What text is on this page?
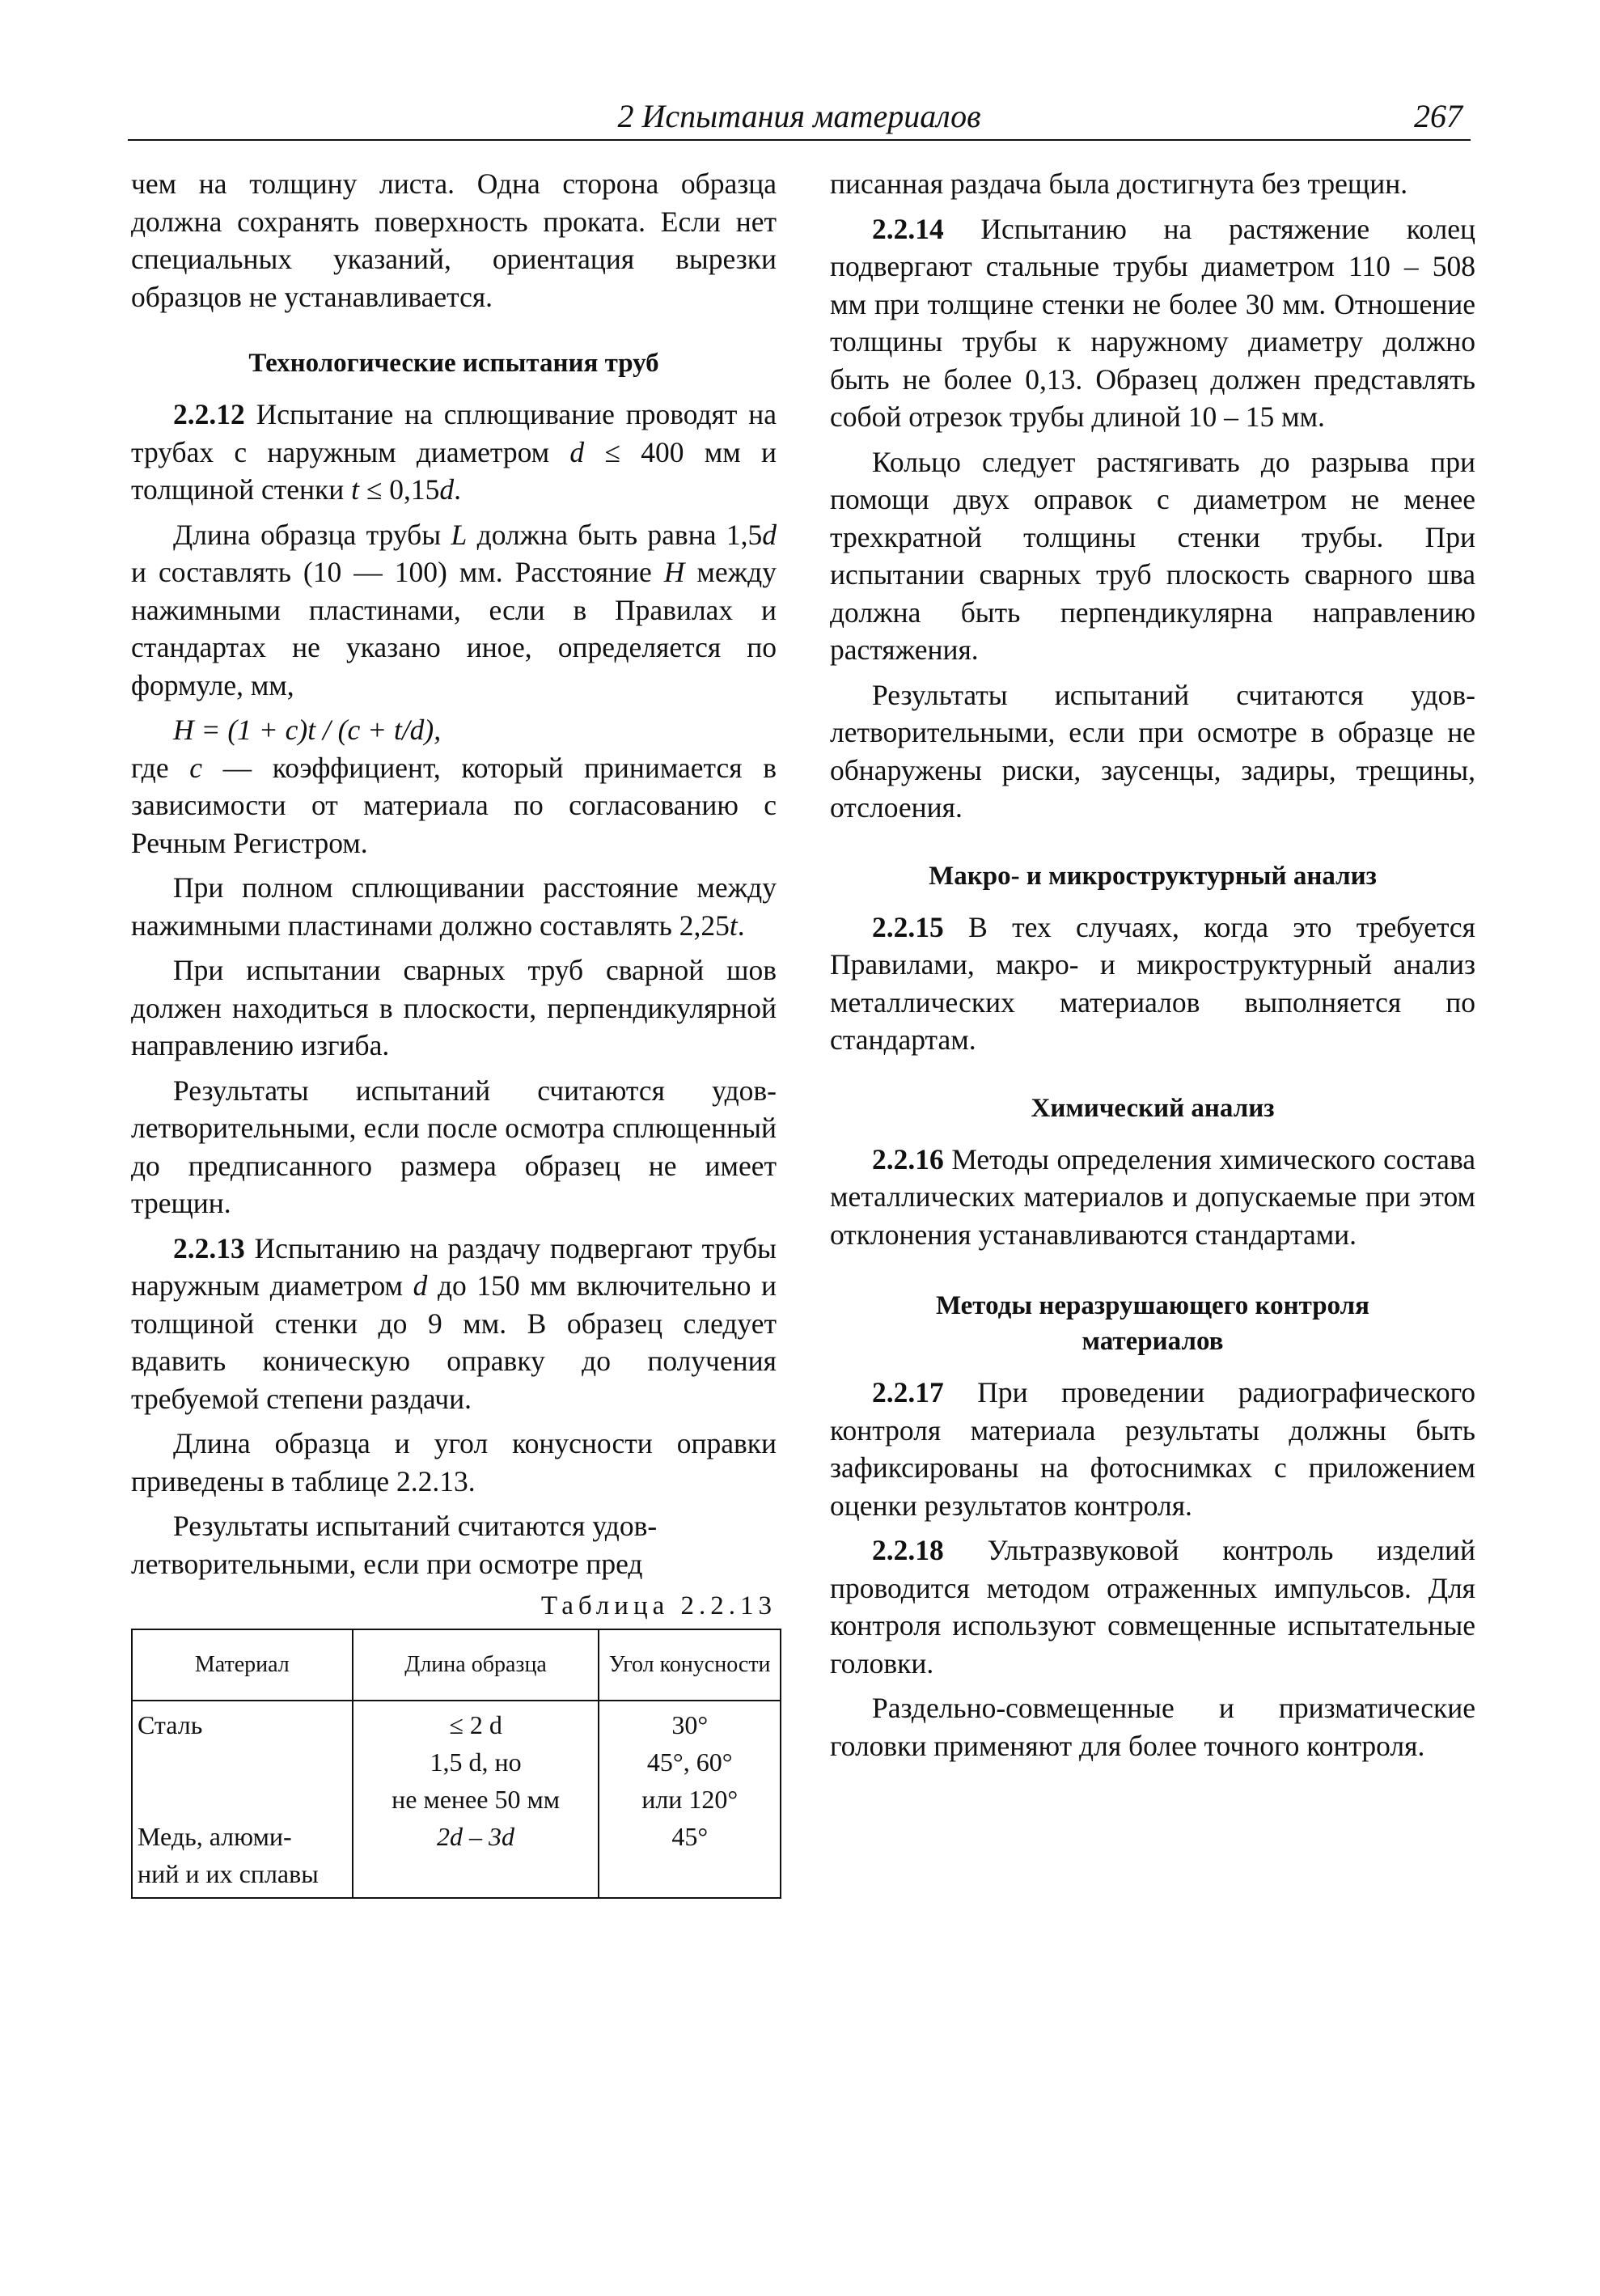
2 Испытания материалов	267

чем на толщину листа. Одна сторона образца должна сохранять поверхность проката. Если нет специальных указаний, ориентация вырезки образцов не устанавливается.

Технологические испытания труб

2.2.12 Испытание на сплющивание проводят на трубах с наружным диаметром d ≤ 400 мм и толщиной стенки t ≤ 0,15d.

Длина образца трубы L должна быть равна 1,5d и составлять (10 — 100) мм. Расстояние H между нажимными пластинами, если в Правилах и стандартах не указано иное, определяется по формуле, мм,

H = (1 + c)t / (c + t/d),

где c — коэффициент, который принимается в зависимости от материала по согласованию с Речным Регистром.

При полном сплющивании расстояние между нажимными пластинами должно составлять 2,25t.

При испытании сварных труб сварной шов должен находиться в плоскости, перпендикулярной направлению изгиба.

Результаты испытаний считаются удовлетворительными, если после осмотра сплющенный до предписанного размера образец не имеет трещин.

2.2.13 Испытанию на раздачу подвергают трубы наружным диаметром d до 150 мм включительно и толщиной стенки до 9 мм. В образец следует вдавить коническую оправку до получения требуемой степени раздачи.

Длина образца и угол конусности оправки приведены в таблице 2.2.13.

Результаты испытаний считаются удовлетворительными, если при осмотре пред

Таблица 2.2.13

Материал	Длина образца	Угол конусности
Сталь	≤ 2 d	30°
	1,5 d, но	45°, 60°
	не менее 50 мм	или 120°
Медь, алюми-	2d – 3d	45°
ний и их сплавы		

писанная раздача была достигнута без трещин.

2.2.14 Испытанию на растяжение колец подвергают стальные трубы диаметром 110 – 508 мм при толщине стенки не более 30 мм. Отношение толщины трубы к наружному диаметру должно быть не более 0,13. Образец должен представлять собой отрезок трубы длиной 10 – 15 мм.

Кольцо следует растягивать до разрыва при помощи двух оправок с диаметром не менее трехкратной толщины стенки трубы. При испытании сварных труб плоскость сварного шва должна быть перпендикулярна направлению растяжения.

Результаты испытаний считаются удовлетворительными, если при осмотре в образце не обнаружены риски, заусенцы, задиры, трещины, отслоения.

Макро- и микроструктурный анализ

2.2.15 В тех случаях, когда это требуется Правилами, макро- и микроструктурный анализ металлических материалов выполняется по стандартам.

Химический анализ

2.2.16 Методы определения химического состава металлических материалов и допускаемые при этом отклонения устанавливаются стандартами.

Методы неразрушающего контроля

материалов

2.2.17 При проведении радиографического контроля материала результаты должны быть зафиксированы на фотоснимках с приложением оценки результатов контроля.

2.2.18 Ультразвуковой контроль изделий проводится методом отраженных импульсов. Для контроля используют совмещенные испытательные головки.

Раздельно-совмещенные и призматические головки применяют для более точного контроля.
